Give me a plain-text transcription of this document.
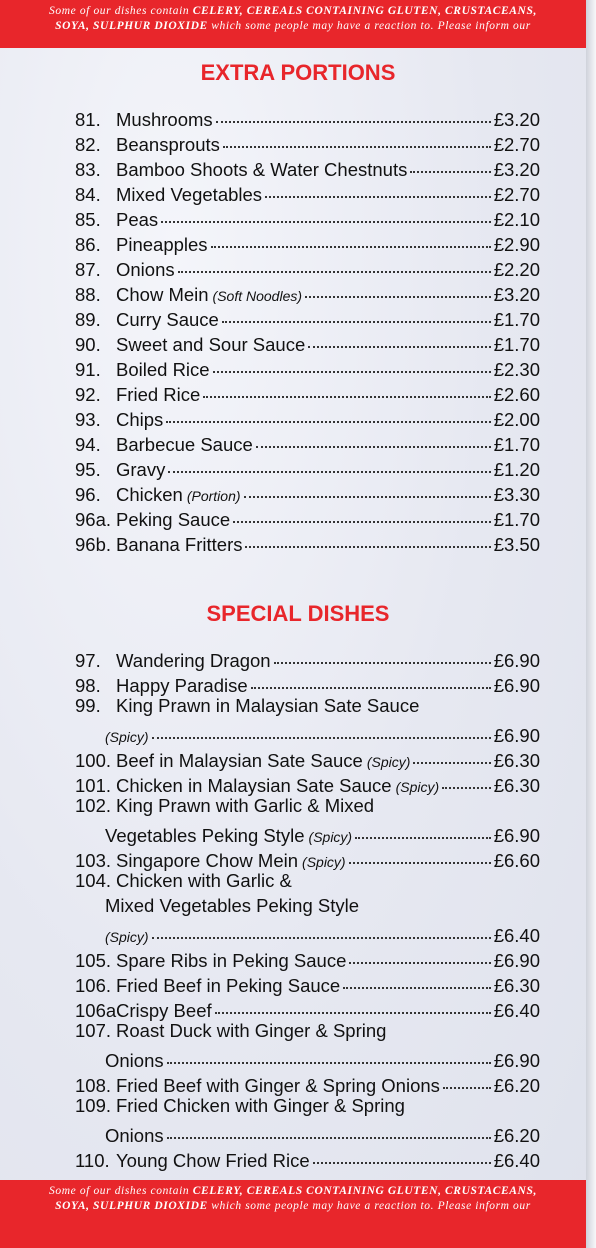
Some of our dishes contain CELERY, CEREALS CONTAINING GLUTEN, CRUSTACEANS,
SOYA, SULPHUR DIOXIDE which some people may have a reaction to. Please inform our
EXTRA PORTIONS
81. Mushrooms	£3.20
82. Beansprouts	£2.70
83. Bamboo Shoots & Water Chestnuts	£3.20
84. Mixed Vegetables	£2.70
85. Peas	£2.10
86. Pineapples	£2.90
87. Onions	£2.20
88. Chow Mein (Soft Noodles)	£3.20
89. Curry Sauce	£1.70
90. Sweet and Sour Sauce	£1.70
91. Boiled Rice	£2.30
92. Fried Rice	£2.60
93. Chips	£2.00
94. Barbecue Sauce	£1.70
95. Gravy	£1.20
96. Chicken (Portion)	£3.30
96a. Peking Sauce	£1.70
96b. Banana Fritters	£3.50
SPECIAL DISHES
97. Wandering Dragon	£6.90
98. Happy Paradise	£6.90
99. King Prawn in Malaysian Sate Sauce
(Spicy)	£6.90
100. Beef in Malaysian Sate Sauce (Spicy)	£6.30
101. Chicken in Malaysian Sate Sauce (Spicy)	£6.30
102. King Prawn with Garlic & Mixed
Vegetables Peking Style (Spicy)	£6.90
103. Singapore Chow Mein (Spicy)	£6.60
104. Chicken with Garlic &
Mixed Vegetables Peking Style
(Spicy)	£6.40
105. Spare Ribs in Peking Sauce	£6.90
106. Fried Beef in Peking Sauce	£6.30
106a Crispy Beef	£6.40
107. Roast Duck with Ginger & Spring
Onions	£6.90
108. Fried Beef with Ginger & Spring Onions	£6.20
109. Fried Chicken with Ginger & Spring
Onions	£6.20
110. Young Chow Fried Rice	£6.40
Some of our dishes contain CELERY, CEREALS CONTAINING GLUTEN, CRUSTACEANS,
SOYA, SULPHUR DIOXIDE which some people may have a reaction to. Please inform our
